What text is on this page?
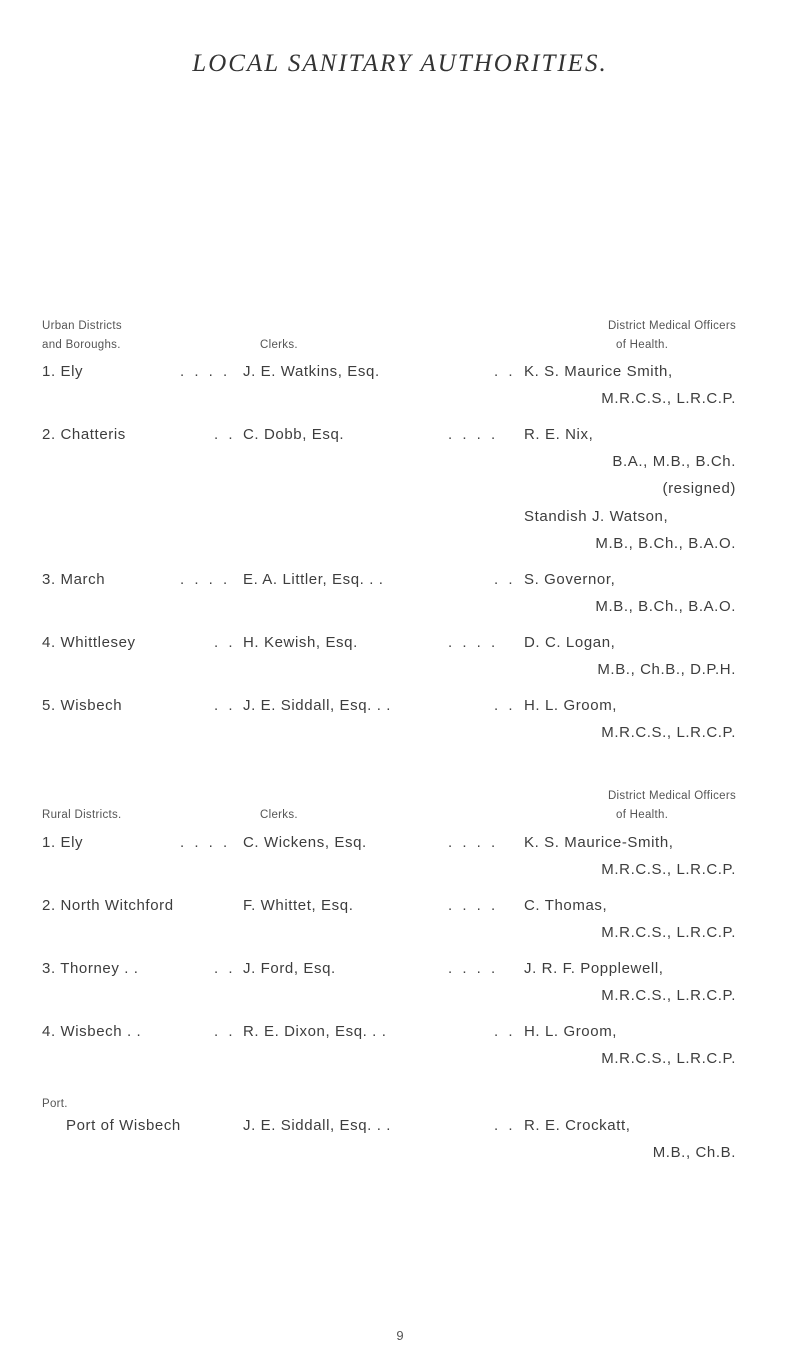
LOCAL SANITARY AUTHORITIES.
Urban Districts
and Boroughs.	Clerks.
District Medical Officers
of Health.
1. Ely	. . . . J. E. Watkins, Esq.	. . K. S. Maurice Smith,
M.R.C.S., L.R.C.P.
2. Chatteris	. . C. Dobb, Esq.	. . . . R. E. Nix,
B.A., M.B., B.Ch.
(resigned)
Standish J. Watson,
M.B., B.Ch., B.A.O.
3. March	. . . . E. A. Littler, Esq. . .	. . S. Governor,
M.B., B.Ch., B.A.O.
4. Whittlesey	. . H. Kewish, Esq.	. . . . D. C. Logan,
M.B., Ch.B., D.P.H.
5. Wisbech	. . J. E. Siddall, Esq. . .	. . H. L. Groom,
M.R.C.S., L.R.C.P.
District Medical Officers
Rural Districts.	Clerks.	of Health.
1. Ely	. . . . C. Wickens, Esq.	. . . . K. S. Maurice-Smith,
M.R.C.S., L.R.C.P.
2. North Witchford	F. Whittet, Esq.	. . . . C. Thomas,
M.R.C.S., L.R.C.P.
3. Thorney . .	. . J. Ford, Esq.	. . . . J. R. F. Popplewell,
M.R.C.S., L.R.C.P.
4. Wisbech . .	. . R. E. Dixon, Esq. . .	. . H. L. Groom,
M.R.C.S., L.R.C.P.
Port.
Port of Wisbech	J. E. Siddall, Esq. . .	. . R. E. Crockatt,
M.B., Ch.B.
9
